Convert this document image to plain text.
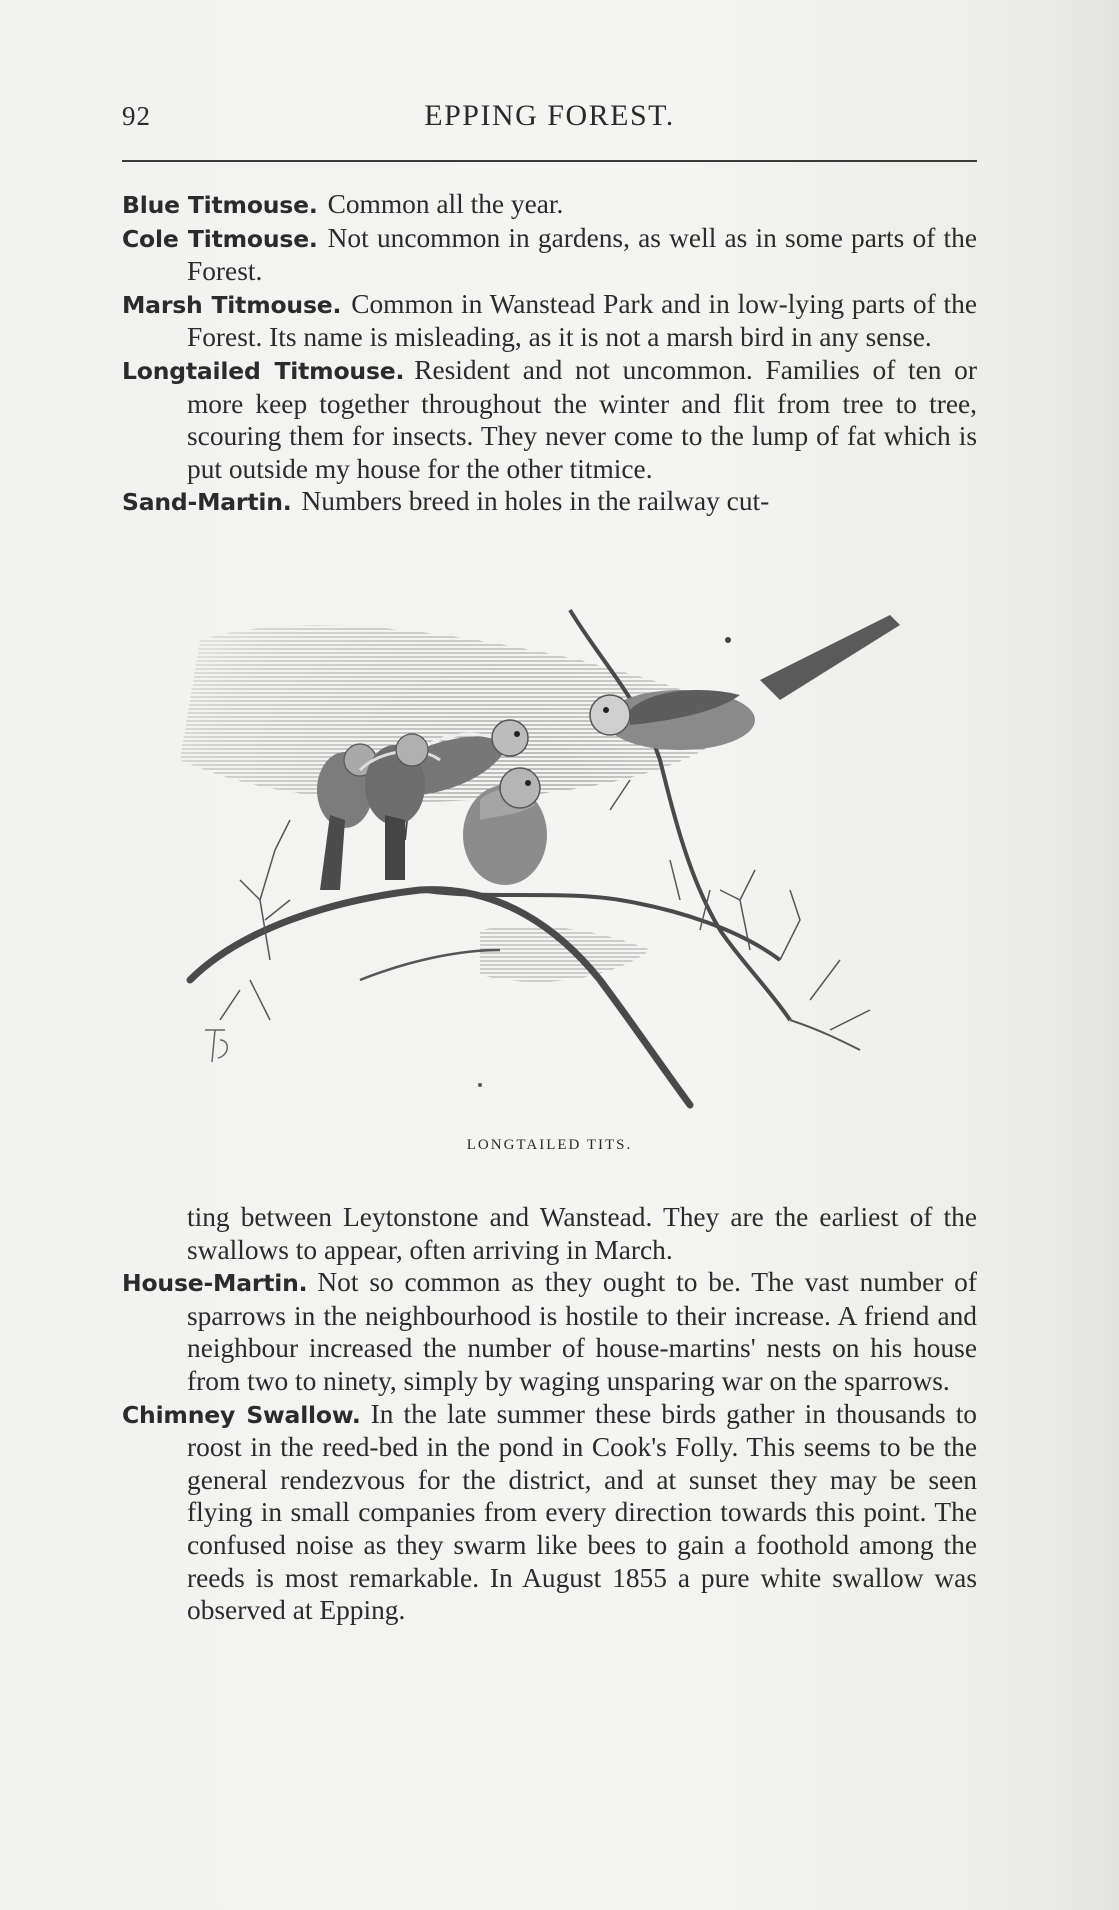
92	EPPING FOREST.

Blue Titmouse. Common all the year.

Cole Titmouse. Not uncommon in gardens, as well as in some parts of the Forest.

Marsh Titmouse. Common in Wanstead Park and in low-lying parts of the Forest. Its name is misleading, as it is not a marsh bird in any sense.

Longtailed Titmouse. Resident and not uncommon. Families of ten or more keep together throughout the winter and flit from tree to tree, scouring them for insects. They never come to the lump of fat which is put outside my house for the other titmice.

Sand-Martin. Numbers breed in holes in the railway cut-

LONGTAILED TITS.

ting between Leytonstone and Wanstead. They are the earliest of the swallows to appear, often arriving in March.

House-Martin. Not so common as they ought to be. The vast number of sparrows in the neighbourhood is hostile to their increase. A friend and neighbour increased the number of house-martins' nests on his house from two to ninety, simply by waging unsparing war on the sparrows.

Chimney Swallow. In the late summer these birds gather in thousands to roost in the reed-bed in the pond in Cook's Folly. This seems to be the general rendezvous for the district, and at sunset they may be seen flying in small companies from every direction towards this point. The confused noise as they swarm like bees to gain a foothold among the reeds is most remarkable. In August 1855 a pure white swallow was observed at Epping.
